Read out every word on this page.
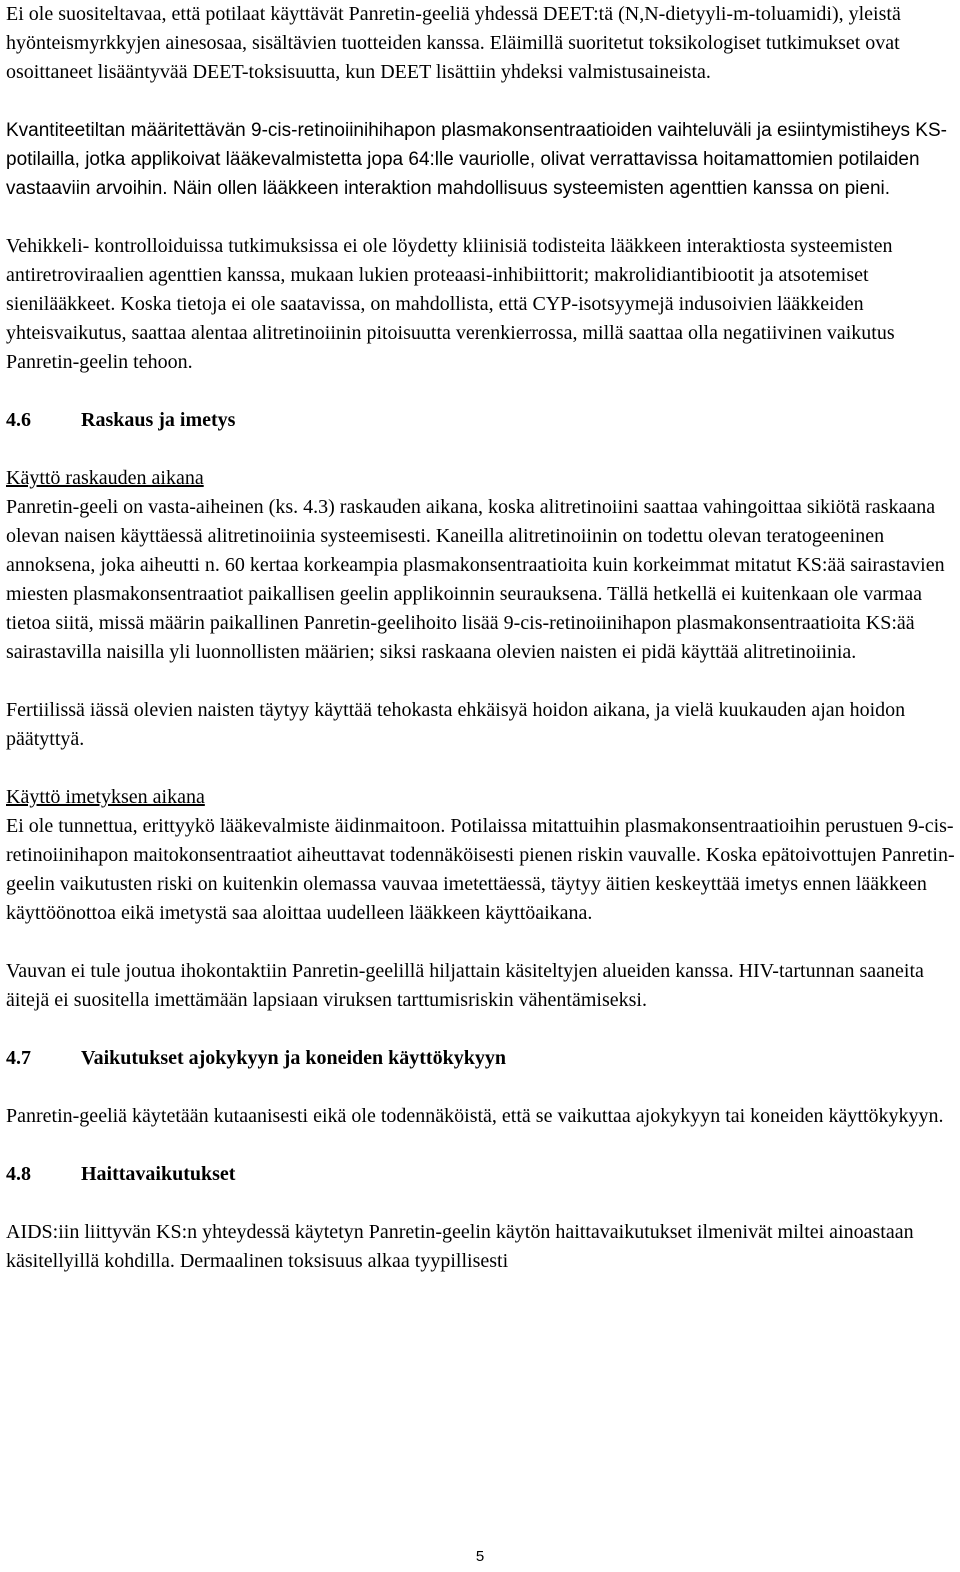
Ei ole suositeltavaa, että potilaat käyttävät Panretin-geeliä yhdessä DEET:tä (N,N-dietyyli-m-toluamidi), yleistä hyönteismyrkkyjen ainesosaa, sisältävien tuotteiden kanssa. Eläimillä suoritetut toksikologiset tutkimukset ovat osoittaneet lisääntyvää DEET-toksisuutta, kun DEET lisättiin yhdeksi valmistusaineista.

Kvantiteetiltan määritettävän 9-cis-retinoiinihihapon plasmakonsentraatioiden vaihteluväli ja esiintymistiheys KS-potilailla, jotka applikoivat lääkevalmistetta jopa 64:lle vauriolle, olivat verrattavissa hoitamattomien potilaiden vastaaviin arvoihin. Näin ollen lääkkeen interaktion mahdollisuus systeemisten agenttien kanssa on pieni.

Vehikkeli- kontrolloiduissa tutkimuksissa ei ole löydetty kliinisiä todisteita lääkkeen interaktiosta systeemisten antiretroviraalien agenttien kanssa, mukaan lukien proteaasi-inhibiittorit; makrolidiantibiootit ja atsotemiset sienilääkkeet. Koska tietoja ei ole saatavissa, on mahdollista, että CYP-isotsyymejä indusoivien lääkkeiden yhteisvaikutus, saattaa alentaa alitretinoiinin pitoisuutta verenkierrossa, millä saattaa olla negatiivinen vaikutus Panretin-geelin tehoon.

4.6	Raskaus ja imetys

Käyttö raskauden aikana

Panretin-geeli on vasta-aiheinen (ks. 4.3) raskauden aikana, koska alitretinoiini saattaa vahingoittaa sikiötä raskaana olevan naisen käyttäessä alitretinoiinia systeemisesti. Kaneilla alitretinoiinin on todettu olevan teratogeeninen annoksena, joka aiheutti n. 60 kertaa korkeampia plasmakonsentraatioita kuin korkeimmat mitatut KS:ää sairastavien miesten plasmakonsentraatiot paikallisen geelin applikoinnin seurauksena. Tällä hetkellä ei kuitenkaan ole varmaa tietoa siitä, missä määrin paikallinen Panretin-geelihoito lisää 9-cis-retinoiinihapon plasmakonsentraatioita KS:ää sairastavilla naisilla yli luonnollisten määrien; siksi raskaana olevien naisten ei pidä käyttää alitretinoiinia.

Fertiilissä iässä olevien naisten täytyy käyttää tehokasta ehkäisyä hoidon aikana, ja vielä kuukauden ajan hoidon päätyttyä.

Käyttö imetyksen aikana

Ei ole tunnettua, erittyykö lääkevalmiste äidinmaitoon. Potilaissa mitattuihin plasmakonsentraatioihin perustuen 9-cis-retinoiinihapon maitokonsentraatiot aiheuttavat todennäköisesti pienen riskin vauvalle. Koska epätoivottujen Panretin-geelin vaikutusten riski on kuitenkin olemassa vauvaa imetettäessä, täytyy äitien keskeyttää imetys ennen lääkkeen käyttöönottoa eikä imetystä saa aloittaa uudelleen lääkkeen käyttöaikana.

Vauvan ei tule joutua ihokontaktiin Panretin-geelillä hiljattain käsiteltyjen alueiden kanssa. HIV-tartunnan saaneita äitejä ei suositella imettämään lapsiaan viruksen tarttumisriskin vähentämiseksi.

4.7	Vaikutukset ajokykyyn ja koneiden käyttökykyyn

Panretin-geeliä käytetään kutaanisesti eikä ole todennäköistä, että se vaikuttaa ajokykyyn tai koneiden käyttökykyyn.

4.8	Haittavaikutukset

AIDS:iin liittyvän KS:n yhteydessä käytetyn Panretin-geelin käytön haittavaikutukset ilmenivät miltei ainoastaan käsitellyillä kohdilla. Dermaalinen toksisuus alkaa tyypillisesti

5
